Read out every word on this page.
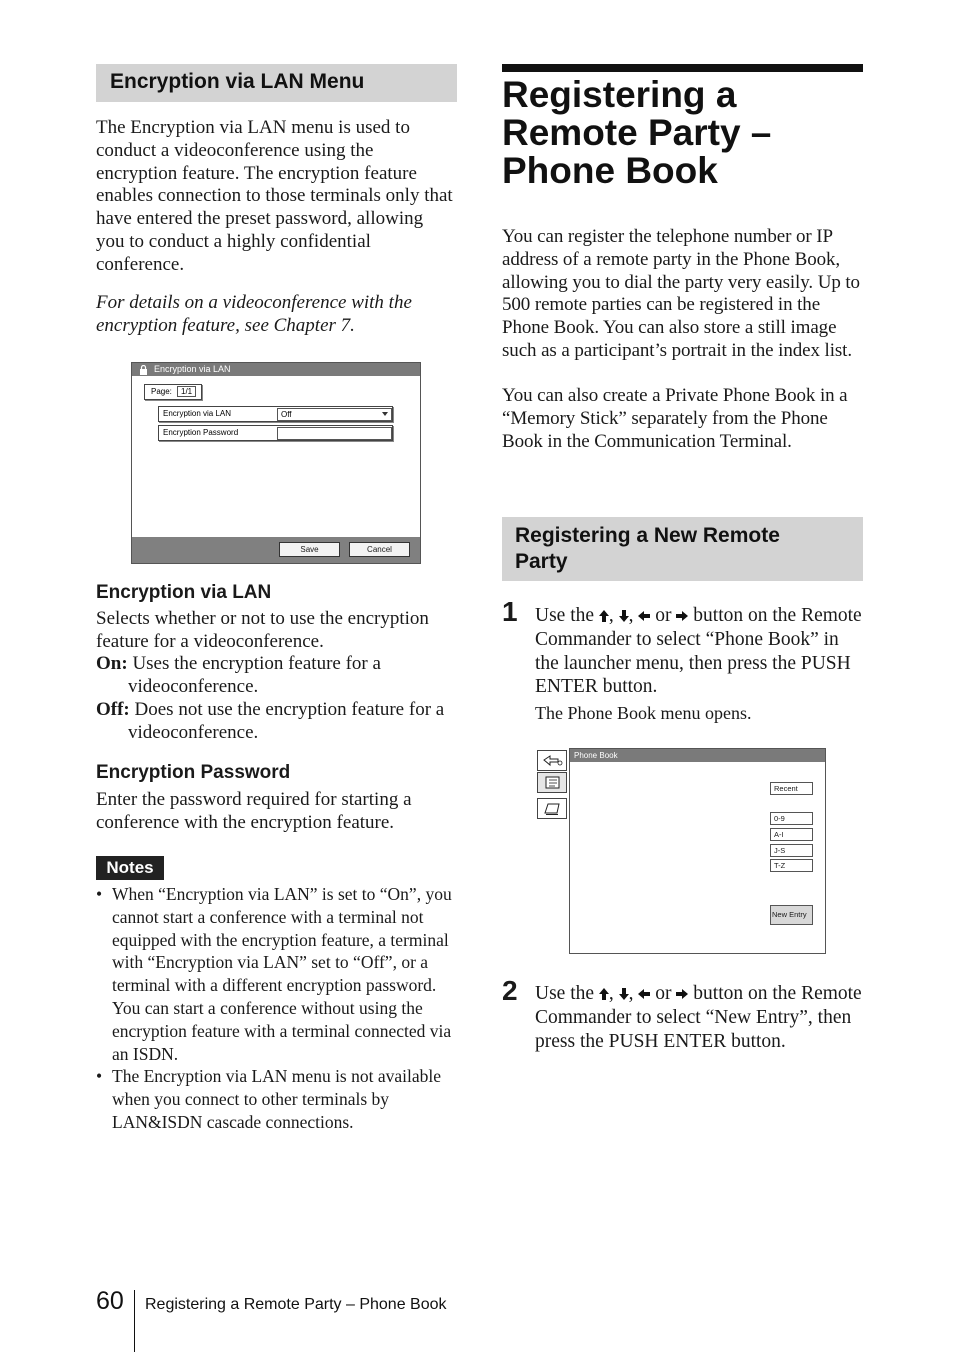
Encryption via LAN Menu
The Encryption via LAN menu is used to conduct a videoconference using the encryption feature. The encryption feature enables connection to those terminals only that have entered the preset password, allowing you to conduct a highly confidential conference.
For details on a videoconference with the encryption feature, see Chapter 7.
Encryption via LAN
Page:	1/1
Encryption via LAN	Off
Encryption Password
Save	Cancel
Encryption via LAN
Selects whether or not to use the encryption feature for a videoconference.
On: Uses the encryption feature for a videoconference.
Off: Does not use the encryption feature for a videoconference.
Encryption Password
Enter the password required for starting a conference with the encryption feature.
Notes
• When “Encryption via LAN” is set to “On”, you cannot start a conference with a terminal not equipped with the encryption feature, a terminal with “Encryption via LAN” set to “Off”, or a terminal with a different encryption password. You can start a conference without using the encryption feature with a terminal connected via an ISDN.
• The Encryption via LAN menu is not available when you connect to other terminals by LAN&ISDN cascade connections.
Registering a Remote Party – Phone Book
You can register the telephone number or IP address of a remote party in the Phone Book, allowing you to dial the party very easily. Up to 500 remote parties can be registered in the Phone Book. You can also store a still image such as a participant’s portrait in the index list.
You can also create a Private Phone Book in a “Memory Stick” separately from the Phone Book in the Communication Terminal.
Registering a New Remote Party
1 Use the , , or button on the Remote Commander to select “Phone Book” in the launcher menu, then press the PUSH ENTER button.
The Phone Book menu opens.
Phone Book
Recent
0-9
A-I
J-S
T-Z
New Entry
2 Use the , , or button on the Remote Commander to select “New Entry”, then press the PUSH ENTER button.
60 Registering a Remote Party – Phone Book
